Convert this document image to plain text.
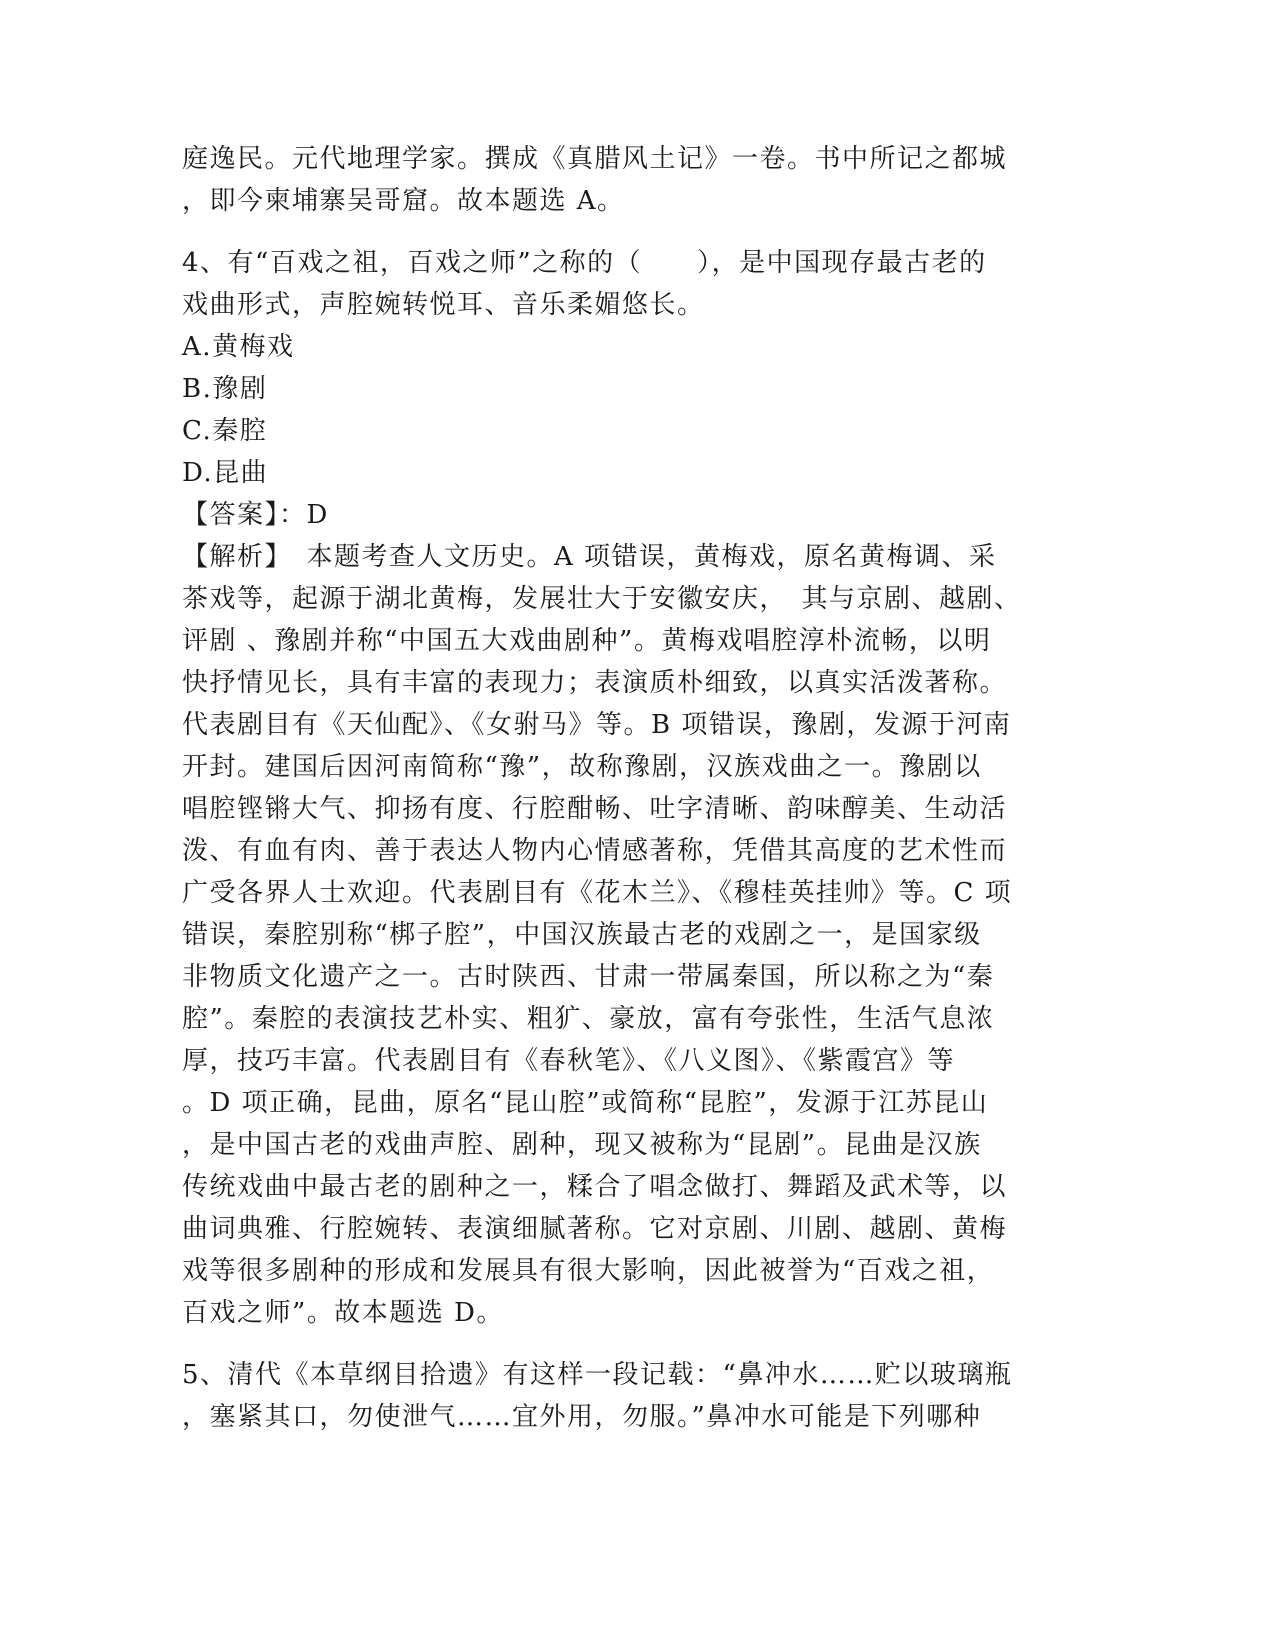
庭逸民。元代地理学家。撰成《真腊风土记》一卷。书中所记之都城
，即今柬埔寨吴哥窟。故本题选 A。
4、有“百戏之祖，百戏之师”之称的（　　），是中国现存最古老的
戏曲形式，声腔婉转悦耳、音乐柔媚悠长。
A.黄梅戏
B.豫剧
C.秦腔
D.昆曲
【答案】：D
【解析】　本题考查人文历史。A 项错误，黄梅戏，原名黄梅调、采
茶戏等，起源于湖北黄梅，发展壮大于安徽安庆，　其与京剧、越剧、
评剧 、豫剧并称“中国五大戏曲剧种”。黄梅戏唱腔淳朴流畅，以明
快抒情见长，具有丰富的表现力；表演质朴细致，以真实活泼著称。
代表剧目有《天仙配》、《女驸马》等。B 项错误，豫剧，发源于河南
开封。建国后因河南简称“豫”，故称豫剧，汉族戏曲之一。豫剧以
唱腔铿锵大气、抑扬有度、行腔酣畅、吐字清晰、韵味醇美、生动活
泼、有血有肉、善于表达人物内心情感著称，凭借其高度的艺术性而
广受各界人士欢迎。代表剧目有《花木兰》、《穆桂英挂帅》等。C 项
错误，秦腔别称“梆子腔”，中国汉族最古老的戏剧之一，是国家级
非物质文化遗产之一。古时陕西、甘肃一带属秦国，所以称之为“秦
腔”。秦腔的表演技艺朴实、粗犷、豪放，富有夸张性，生活气息浓
厚，技巧丰富。代表剧目有《春秋笔》、《八义图》、《紫霞宫》等
。D 项正确，昆曲，原名“昆山腔”或简称“昆腔”，发源于江苏昆山
，是中国古老的戏曲声腔、剧种，现又被称为“昆剧”。昆曲是汉族
传统戏曲中最古老的剧种之一，糅合了唱念做打、舞蹈及武术等，以
曲词典雅、行腔婉转、表演细腻著称。它对京剧、川剧、越剧、黄梅
戏等很多剧种的形成和发展具有很大影响，因此被誉为“百戏之祖，
百戏之师”。故本题选 D。
5、清代《本草纲目拾遗》有这样一段记载：“鼻冲水……贮以玻璃瓶
，塞紧其口，勿使泄气……宜外用，勿服。”鼻冲水可能是下列哪种
